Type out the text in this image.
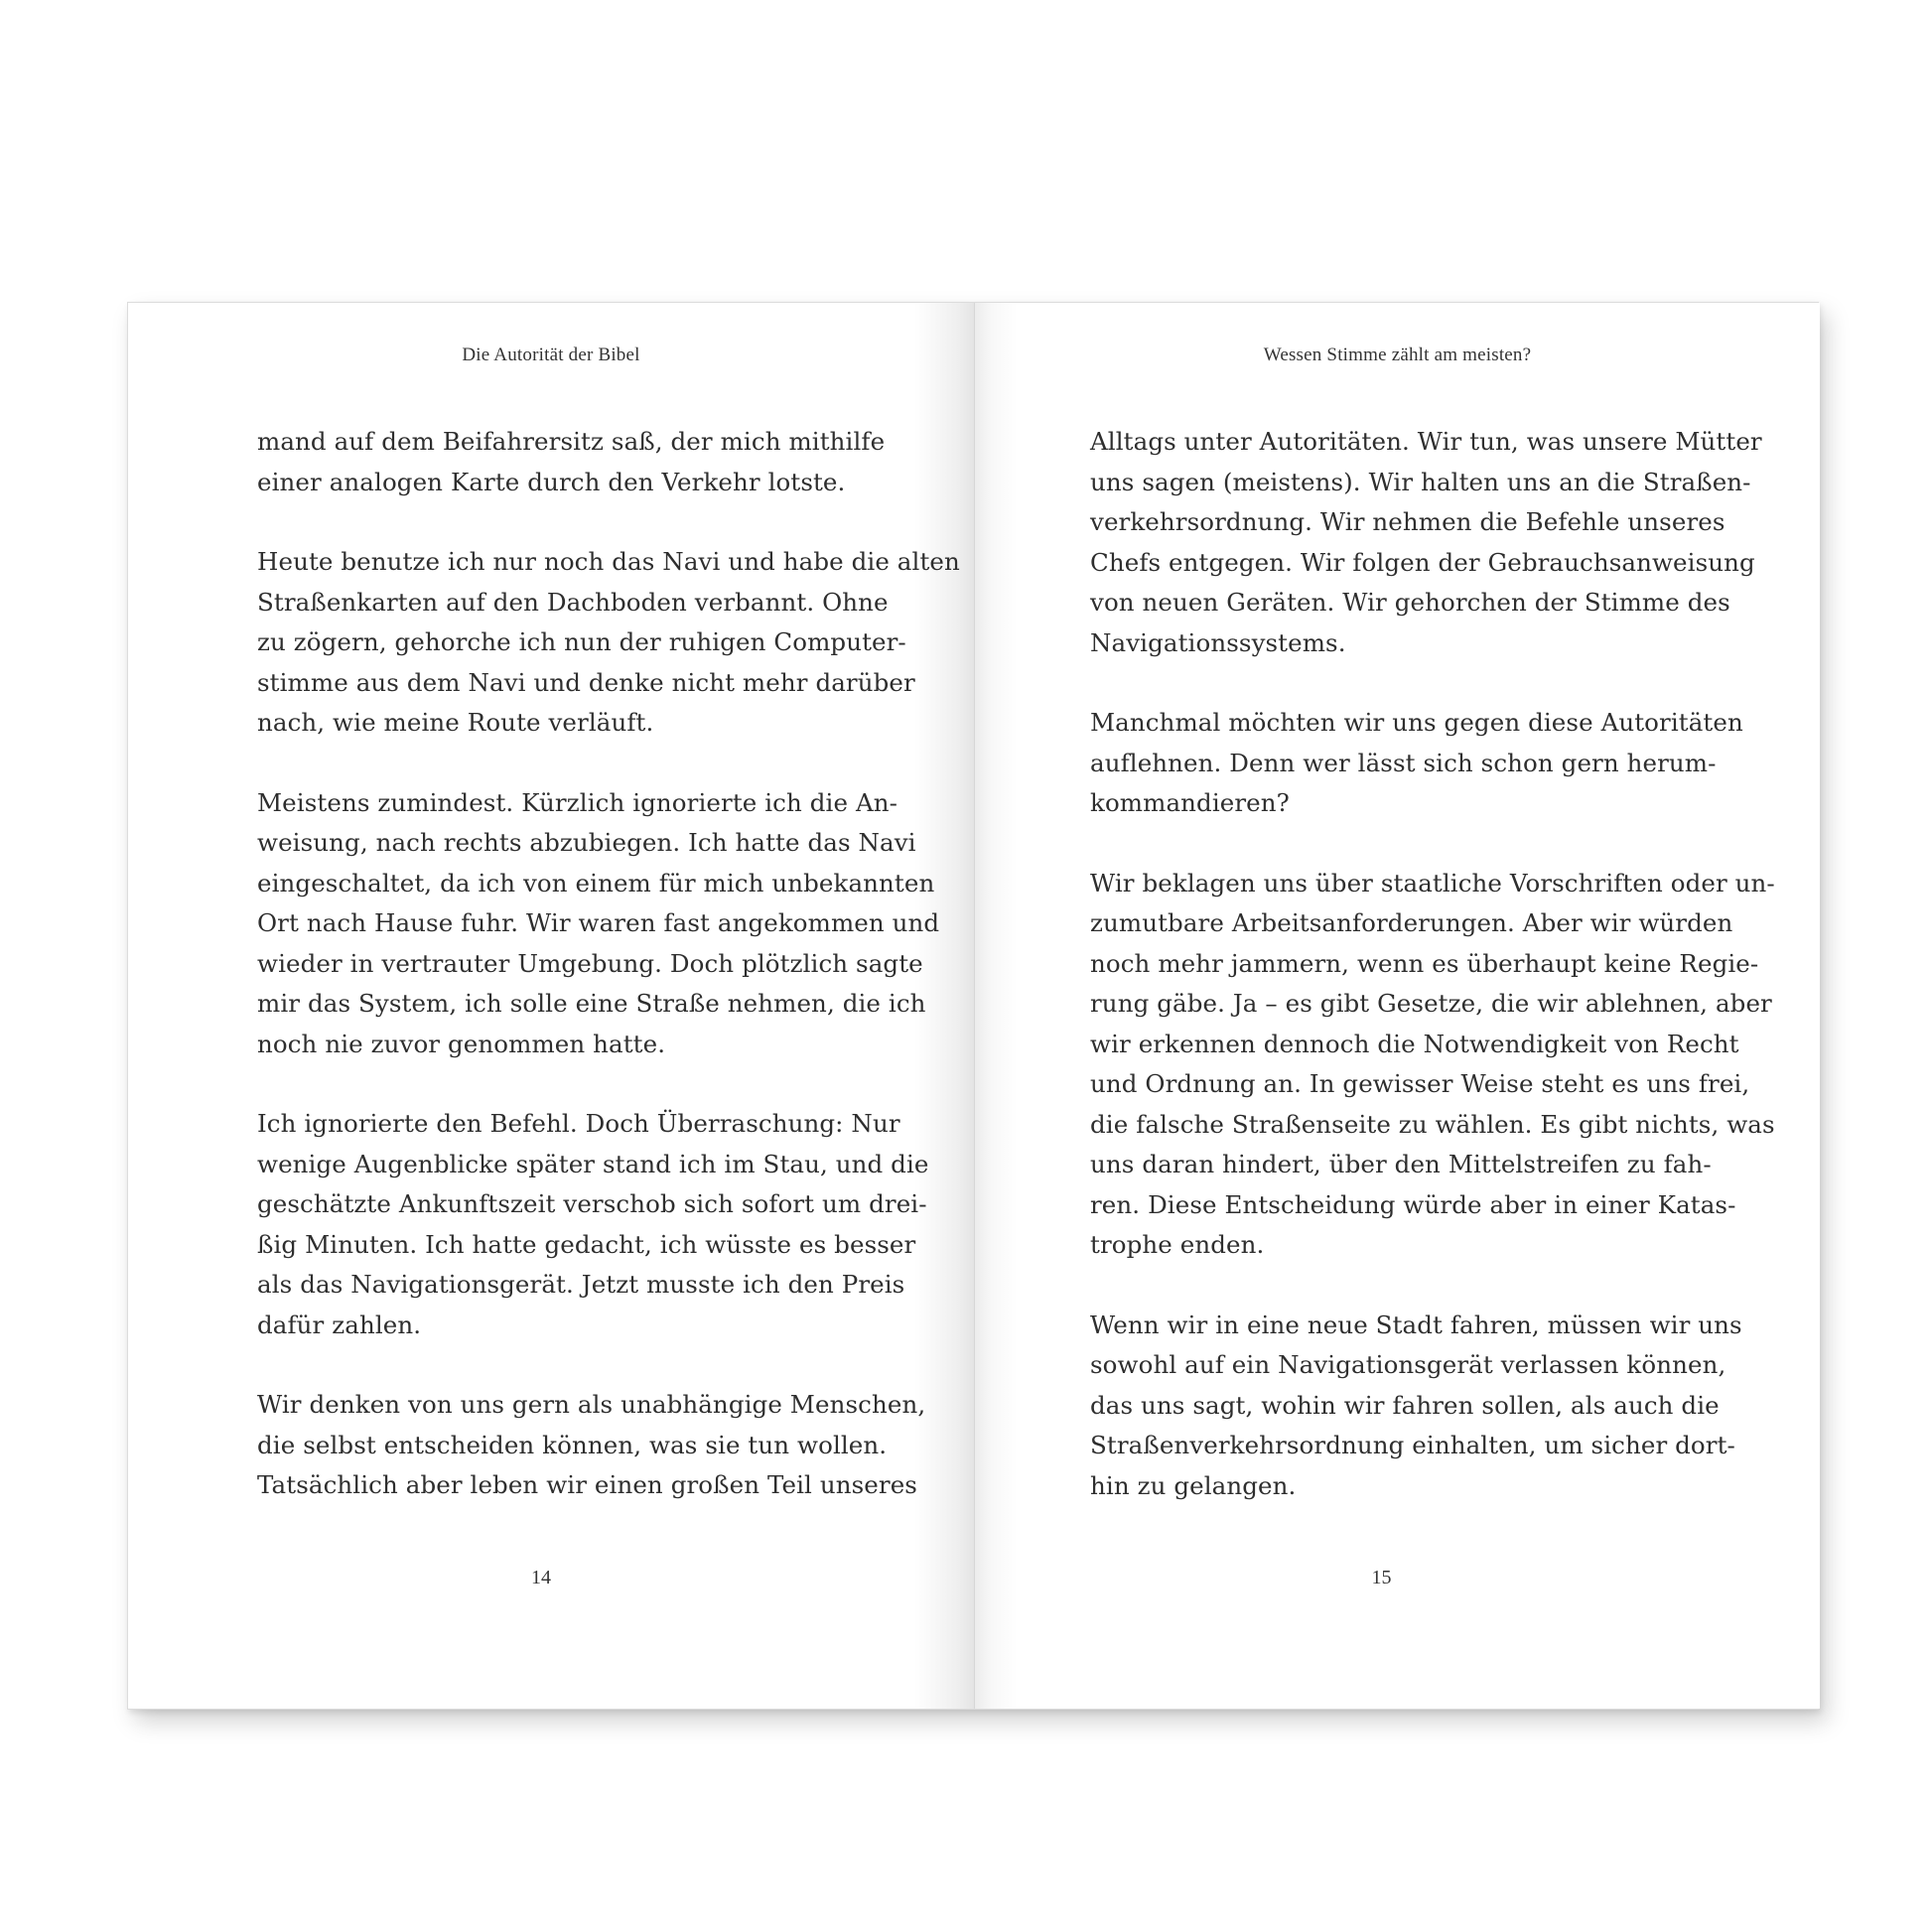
Die Autorität der Bibel

mand auf dem Beifahrersitz saß, der mich mithilfe
einer analogen Karte durch den Verkehr lotste.

Heute benutze ich nur noch das Navi und habe die alten
Straßenkarten auf den Dachboden verbannt. Ohne
zu zögern, gehorche ich nun der ruhigen Computer-
stimme aus dem Navi und denke nicht mehr darüber
nach, wie meine Route verläuft.

Meistens zumindest. Kürzlich ignorierte ich die An-
weisung, nach rechts abzubiegen. Ich hatte das Navi
eingeschaltet, da ich von einem für mich unbekannten
Ort nach Hause fuhr. Wir waren fast angekommen und
wieder in vertrauter Umgebung. Doch plötzlich sagte
mir das System, ich solle eine Straße nehmen, die ich
noch nie zuvor genommen hatte.

Ich ignorierte den Befehl. Doch Überraschung: Nur
wenige Augenblicke später stand ich im Stau, und die
geschätzte Ankunftszeit verschob sich sofort um drei-
ßig Minuten. Ich hatte gedacht, ich wüsste es besser
als das Navigationsgerät. Jetzt musste ich den Preis
dafür zahlen.

Wir denken von uns gern als unabhängige Menschen,
die selbst entscheiden können, was sie tun wollen.
Tatsächlich aber leben wir einen großen Teil unseres

14
Wessen Stimme zählt am meisten?

Alltags unter Autoritäten. Wir tun, was unsere Mütter
uns sagen (meistens). Wir halten uns an die Straßen-
verkehrsordnung. Wir nehmen die Befehle unseres
Chefs entgegen. Wir folgen der Gebrauchsanweisung
von neuen Geräten. Wir gehorchen der Stimme des
Navigationssystems.

Manchmal möchten wir uns gegen diese Autoritäten
auflehnen. Denn wer lässt sich schon gern herum-
kommandieren?

Wir beklagen uns über staatliche Vorschriften oder un-
zumutbare Arbeitsanforderungen. Aber wir würden
noch mehr jammern, wenn es überhaupt keine Regie-
rung gäbe. Ja – es gibt Gesetze, die wir ablehnen, aber
wir erkennen dennoch die Notwendigkeit von Recht
und Ordnung an. In gewisser Weise steht es uns frei,
die falsche Straßenseite zu wählen. Es gibt nichts, was
uns daran hindert, über den Mittelstreifen zu fah-
ren. Diese Entscheidung würde aber in einer Katas-
trophe enden.

Wenn wir in eine neue Stadt fahren, müssen wir uns
sowohl auf ein Navigationsgerät verlassen können,
das uns sagt, wohin wir fahren sollen, als auch die
Straßenverkehrsordnung einhalten, um sicher dort-
hin zu gelangen.

15
